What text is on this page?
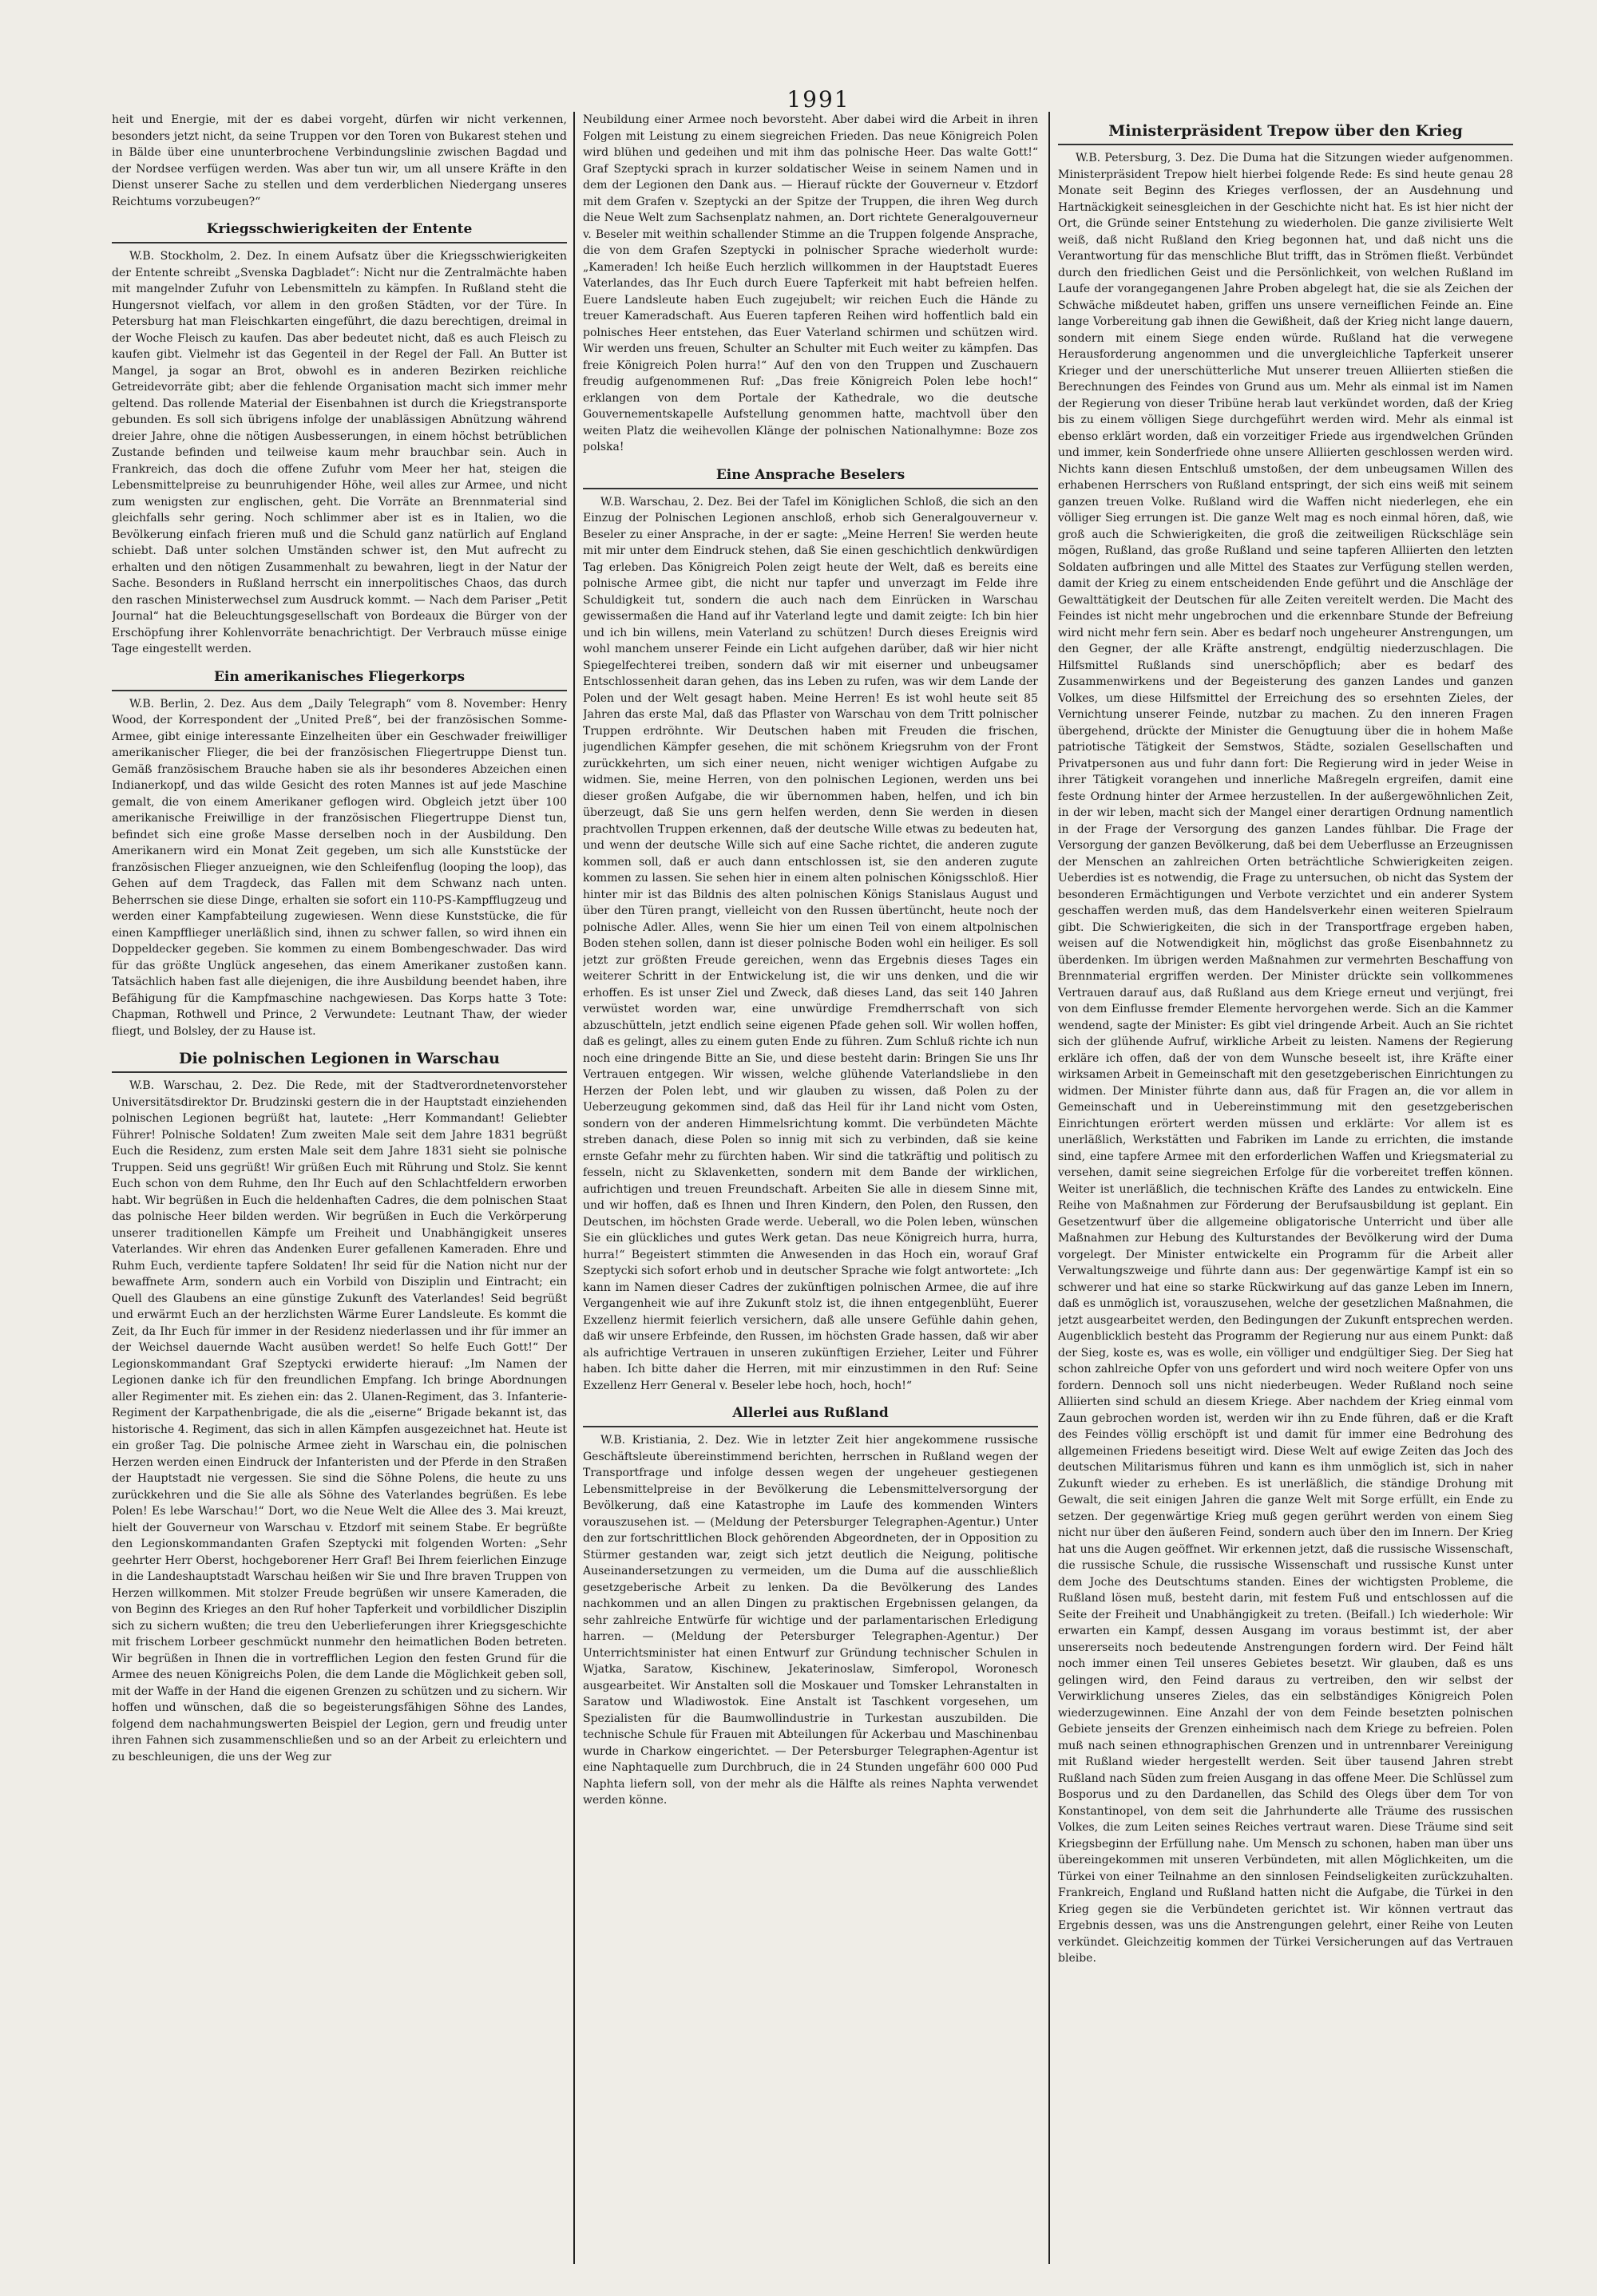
1991

heit und Energie, mit der es dabei vorgeht, dürfen wir nicht verkennen, besonders jetzt nicht, da seine Truppen vor den Toren von Bukarest stehen und in Bälde über eine ununterbrochene Verbindungslinie zwischen Bagdad und der Nordsee verfügen werden. Was aber tun wir, um all unsere Kräfte in den Dienst unserer Sache zu stellen und dem verderblichen Niedergang unseres Reichtums vorzubeugen?“

Kriegsschwierigkeiten der Entente

W.B. Stockholm, 2. Dez. In einem Aufsatz über die Kriegsschwierigkeiten der Entente schreibt „Svenska Dagbladet“: Nicht nur die Zentralmächte haben mit mangelnder Zufuhr von Lebensmitteln zu kämpfen. In Rußland steht die Hungersnot vielfach, vor allem in den großen Städten, vor der Türe. In Petersburg hat man Fleischkarten eingeführt, die dazu berechtigen, dreimal in der Woche Fleisch zu kaufen. Das aber bedeutet nicht, daß es auch Fleisch zu kaufen gibt. Vielmehr ist das Gegenteil in der Regel der Fall. An Butter ist Mangel, ja sogar an Brot, obwohl es in anderen Bezirken reichliche Getreidevorräte gibt; aber die fehlende Organisation macht sich immer mehr geltend. Das rollende Material der Eisenbahnen ist durch die Kriegstransporte gebunden. Es soll sich übrigens infolge der unablässigen Abnützung während dreier Jahre, ohne die nötigen Ausbesserungen, in einem höchst betrüblichen Zustande befinden und teilweise kaum mehr brauchbar sein. Auch in Frankreich, das doch die offene Zufuhr vom Meer her hat, steigen die Lebensmittelpreise zu beunruhigender Höhe, weil alles zur Armee, und nicht zum wenigsten zur englischen, geht. Die Vorräte an Brennmaterial sind gleichfalls sehr gering. Noch schlimmer aber ist es in Italien, wo die Bevölkerung einfach frieren muß und die Schuld ganz natürlich auf England schiebt. Daß unter solchen Umständen schwer ist, den Mut aufrecht zu erhalten und den nötigen Zusammenhalt zu bewahren, liegt in der Natur der Sache. Besonders in Rußland herrscht ein innerpolitisches Chaos, das durch den raschen Ministerwechsel zum Ausdruck kommt. — Nach dem Pariser „Petit Journal“ hat die Beleuchtungsgesellschaft von Bordeaux die Bürger von der Erschöpfung ihrer Kohlenvorräte benachrichtigt. Der Verbrauch müsse einige Tage eingestellt werden.

Ein amerikanisches Fliegerkorps

W.B. Berlin, 2. Dez. Aus dem „Daily Telegraph“ vom 8. November: Henry Wood, der Korrespondent der „United Preß“, bei der französischen Somme-Armee, gibt einige interessante Einzelheiten über ein Geschwader freiwilliger amerikanischer Flieger, die bei der französischen Fliegertruppe Dienst tun. Gemäß französischem Brauche haben sie als ihr besonderes Abzeichen einen Indianerkopf, und das wilde Gesicht des roten Mannes ist auf jede Maschine gemalt, die von einem Amerikaner geflogen wird. Obgleich jetzt über 100 amerikanische Freiwillige in der französischen Fliegertruppe Dienst tun, befindet sich eine große Masse derselben noch in der Ausbildung. Den Amerikanern wird ein Monat Zeit gegeben, um sich alle Kunststücke der französischen Flieger anzueignen, wie den Schleifenflug (looping the loop), das Gehen auf dem Tragdeck, das Fallen mit dem Schwanz nach unten. Beherrschen sie diese Dinge, erhalten sie sofort ein 110-PS-Kampfflugzeug und werden einer Kampfabteilung zugewiesen. Wenn diese Kunststücke, die für einen Kampfflieger unerläßlich sind, ihnen zu schwer fallen, so wird ihnen ein Doppeldecker gegeben. Sie kommen zu einem Bombengeschwader. Das wird für das größte Unglück angesehen, das einem Amerikaner zustoßen kann. Tatsächlich haben fast alle diejenigen, die ihre Ausbildung beendet haben, ihre Befähigung für die Kampfmaschine nachgewiesen. Das Korps hatte 3 Tote: Chapman, Rothwell und Prince, 2 Verwundete: Leutnant Thaw, der wieder fliegt, und Bolsley, der zu Hause ist.

Die polnischen Legionen in Warschau

W.B. Warschau, 2. Dez. Die Rede, mit der Stadtverordnetenvorsteher Universitätsdirektor Dr. Brudzinski gestern die in der Hauptstadt einziehenden polnischen Legionen begrüßt hat, lautete: „Herr Kommandant! Geliebter Führer! Polnische Soldaten! Zum zweiten Male seit dem Jahre 1831 begrüßt Euch die Residenz, zum ersten Male seit dem Jahre 1831 sieht sie polnische Truppen. Seid uns gegrüßt! Wir grüßen Euch mit Rührung und Stolz. Sie kennt Euch schon von dem Ruhme, den Ihr Euch auf den Schlachtfeldern erworben habt. Wir begrüßen in Euch die heldenhaften Cadres, die dem polnischen Staat das polnische Heer bilden werden. Wir begrüßen in Euch die Verkörperung unserer traditionellen Kämpfe um Freiheit und Unabhängigkeit unseres Vaterlandes. Wir ehren das Andenken Eurer gefallenen Kameraden. Ehre und Ruhm Euch, verdiente tapfere Soldaten! Ihr seid für die Nation nicht nur der bewaffnete Arm, sondern auch ein Vorbild von Disziplin und Eintracht; ein Quell des Glaubens an eine günstige Zukunft des Vaterlandes! Seid begrüßt und erwärmt Euch an der herzlichsten Wärme Eurer Landsleute. Es kommt die Zeit, da Ihr Euch für immer in der Residenz niederlassen und ihr für immer an der Weichsel dauernde Wacht ausüben werdet! So helfe Euch Gott!“ Der Legionskommandant Graf Szeptycki erwiderte hierauf: „Im Namen der Legionen danke ich für den freundlichen Empfang. Ich bringe Abordnungen aller Regimenter mit. Es ziehen ein: das 2. Ulanen-Regiment, das 3. Infanterie-Regiment der Karpathenbrigade, die als die „eiserne“ Brigade bekannt ist, das historische 4. Regiment, das sich in allen Kämpfen ausgezeichnet hat. Heute ist ein großer Tag. Die polnische Armee zieht in Warschau ein, die polnischen Herzen werden einen Eindruck der Infanteristen und der Pferde in den Straßen der Hauptstadt nie vergessen. Sie sind die Söhne Polens, die heute zu uns zurückkehren und die Sie alle als Söhne des Vaterlandes begrüßen. Es lebe Polen! Es lebe Warschau!“ Dort, wo die Neue Welt die Allee des 3. Mai kreuzt, hielt der Gouverneur von Warschau v. Etzdorf mit seinem Stabe. Er begrüßte den Legionskommandanten Grafen Szeptycki mit folgenden Worten: „Sehr geehrter Herr Oberst, hochgeborener Herr Graf! Bei Ihrem feierlichen Einzuge in die Landeshauptstadt Warschau heißen wir Sie und Ihre braven Truppen von Herzen willkommen. Mit stolzer Freude begrüßen wir unsere Kameraden, die von Beginn des Krieges an den Ruf hoher Tapferkeit und vorbildlicher Disziplin sich zu sichern wußten; die treu den Ueberlieferungen ihrer Kriegsgeschichte mit frischem Lorbeer geschmückt nunmehr den heimatlichen Boden betreten. Wir begrüßen in Ihnen die in vortrefflichen Legion den festen Grund für die Armee des neuen Königreichs Polen, die dem Lande die Möglichkeit geben soll, mit der Waffe in der Hand die eigenen Grenzen zu schützen und zu sichern. Wir hoffen und wünschen, daß die so begeisterungsfähigen Söhne des Landes, folgend dem nachahmungswerten Beispiel der Legion, gern und freudig unter ihren Fahnen sich zusammenschließen und so an der Arbeit zu erleichtern und zu beschleunigen, die uns der Weg zur

Neubildung einer Armee noch bevorsteht. Aber dabei wird die Arbeit in ihren Folgen mit Leistung zu einem siegreichen Frieden. Das neue Königreich Polen wird blühen und gedeihen und mit ihm das polnische Heer. Das walte Gott!“ Graf Szeptycki sprach in kurzer soldatischer Weise in seinem Namen und in dem der Legionen den Dank aus. — Hierauf rückte der Gouverneur v. Etzdorf mit dem Grafen v. Szeptycki an der Spitze der Truppen, die ihren Weg durch die Neue Welt zum Sachsenplatz nahmen, an. Dort richtete Generalgouverneur v. Beseler mit weithin schallender Stimme an die Truppen folgende Ansprache, die von dem Grafen Szeptycki in polnischer Sprache wiederholt wurde: „Kameraden! Ich heiße Euch herzlich willkommen in der Hauptstadt Eueres Vaterlandes, das Ihr Euch durch Euere Tapferkeit mit habt befreien helfen. Euere Landsleute haben Euch zugejubelt; wir reichen Euch die Hände zu treuer Kameradschaft. Aus Eueren tapferen Reihen wird hoffentlich bald ein polnisches Heer entstehen, das Euer Vaterland schirmen und schützen wird. Wir werden uns freuen, Schulter an Schulter mit Euch weiter zu kämpfen. Das freie Königreich Polen hurra!“ Auf den von den Truppen und Zuschauern freudig aufgenommenen Ruf: „Das freie Königreich Polen lebe hoch!“ erklangen von dem Portale der Kathedrale, wo die deutsche Gouvernementskapelle Aufstellung genommen hatte, machtvoll über den weiten Platz die weihevollen Klänge der polnischen Nationalhymne: Boze zos polska!

Eine Ansprache Beselers

W.B. Warschau, 2. Dez. Bei der Tafel im Königlichen Schloß, die sich an den Einzug der Polnischen Legionen anschloß, erhob sich Generalgouverneur v. Beseler zu einer Ansprache, in der er sagte: „Meine Herren! Sie werden heute mit mir unter dem Eindruck stehen, daß Sie einen geschichtlich denkwürdigen Tag erleben. Das Königreich Polen zeigt heute der Welt, daß es bereits eine polnische Armee gibt, die nicht nur tapfer und unverzagt im Felde ihre Schuldigkeit tut, sondern die auch nach dem Einrücken in Warschau gewissermaßen die Hand auf ihr Vaterland legte und damit zeigte: Ich bin hier und ich bin willens, mein Vaterland zu schützen! Durch dieses Ereignis wird wohl manchem unserer Feinde ein Licht aufgehen darüber, daß wir hier nicht Spiegelfechterei treiben, sondern daß wir mit eiserner und unbeugsamer Entschlossenheit daran gehen, das ins Leben zu rufen, was wir dem Lande der Polen und der Welt gesagt haben. Meine Herren! Es ist wohl heute seit 85 Jahren das erste Mal, daß das Pflaster von Warschau von dem Tritt polnischer Truppen erdröhnte. Wir Deutschen haben mit Freuden die frischen, jugendlichen Kämpfer gesehen, die mit schönem Kriegsruhm von der Front zurückkehrten, um sich einer neuen, nicht weniger wichtigen Aufgabe zu widmen. Sie, meine Herren, von den polnischen Legionen, werden uns bei dieser großen Aufgabe, die wir übernommen haben, helfen, und ich bin überzeugt, daß Sie uns gern helfen werden, denn Sie werden in diesen prachtvollen Truppen erkennen, daß der deutsche Wille etwas zu bedeuten hat, und wenn der deutsche Wille sich auf eine Sache richtet, die anderen zugute kommen soll, daß er auch dann entschlossen ist, sie den anderen zugute kommen zu lassen. Sie sehen hier in einem alten polnischen Königsschloß. Hier hinter mir ist das Bildnis des alten polnischen Königs Stanislaus August und über den Türen prangt, vielleicht von den Russen übertüncht, heute noch der polnische Adler. Alles, wenn Sie hier um einen Teil von einem altpolnischen Boden stehen sollen, dann ist dieser polnische Boden wohl ein heiliger. Es soll jetzt zur größten Freude gereichen, wenn das Ergebnis dieses Tages ein weiterer Schritt in der Entwickelung ist, die wir uns denken, und die wir erhoffen. Es ist unser Ziel und Zweck, daß dieses Land, das seit 140 Jahren verwüstet worden war, eine unwürdige Fremdherrschaft von sich abzuschütteln, jetzt endlich seine eigenen Pfade gehen soll. Wir wollen hoffen, daß es gelingt, alles zu einem guten Ende zu führen. Zum Schluß richte ich nun noch eine dringende Bitte an Sie, und diese besteht darin: Bringen Sie uns Ihr Vertrauen entgegen. Wir wissen, welche glühende Vaterlandsliebe in den Herzen der Polen lebt, und wir glauben zu wissen, daß Polen zu der Ueberzeugung gekommen sind, daß das Heil für ihr Land nicht vom Osten, sondern von der anderen Himmelsrichtung kommt. Die verbündeten Mächte streben danach, diese Polen so innig mit sich zu verbinden, daß sie keine ernste Gefahr mehr zu fürchten haben. Wir sind die tatkräftig und politisch zu fesseln, nicht zu Sklavenketten, sondern mit dem Bande der wirklichen, aufrichtigen und treuen Freundschaft. Arbeiten Sie alle in diesem Sinne mit, und wir hoffen, daß es Ihnen und Ihren Kindern, den Polen, den Russen, den Deutschen, im höchsten Grade werde. Ueberall, wo die Polen leben, wünschen Sie ein glückliches und gutes Werk getan. Das neue Königreich hurra, hurra, hurra!“ Begeistert stimmten die Anwesenden in das Hoch ein, worauf Graf Szeptycki sich sofort erhob und in deutscher Sprache wie folgt antwortete: „Ich kann im Namen dieser Cadres der zukünftigen polnischen Armee, die auf ihre Vergangenheit wie auf ihre Zukunft stolz ist, die ihnen entgegenblüht, Euerer Exzellenz hiermit feierlich versichern, daß alle unsere Gefühle dahin gehen, daß wir unsere Erbfeinde, den Russen, im höchsten Grade hassen, daß wir aber als aufrichtige Vertrauen in unseren zukünftigen Erzieher, Leiter und Führer haben. Ich bitte daher die Herren, mit mir einzustimmen in den Ruf: Seine Exzellenz Herr General v. Beseler lebe hoch, hoch, hoch!“

Allerlei aus Rußland

W.B. Kristiania, 2. Dez. Wie in letzter Zeit hier angekommene russische Geschäftsleute übereinstimmend berichten, herrschen in Rußland wegen der Transportfrage und infolge dessen wegen der ungeheuer gestiegenen Lebensmittelpreise in der Bevölkerung die Lebensmittelversorgung der Bevölkerung, daß eine Katastrophe im Laufe des kommenden Winters vorauszusehen ist. — (Meldung der Petersburger Telegraphen-Agentur.) Unter den zur fortschrittlichen Block gehörenden Abgeordneten, der in Opposition zu Stürmer gestanden war, zeigt sich jetzt deutlich die Neigung, politische Auseinandersetzungen zu vermeiden, um die Duma auf die ausschließlich gesetzgeberische Arbeit zu lenken. Da die Bevölkerung des Landes nachkommen und an allen Dingen zu praktischen Ergebnissen gelangen, da sehr zahlreiche Entwürfe für wichtige und der parlamentarischen Erledigung harren. — (Meldung der Petersburger Telegraphen-Agentur.) Der Unterrichtsminister hat einen Entwurf zur Gründung technischer Schulen in Wjatka, Saratow, Kischinew, Jekaterinoslaw, Simferopol, Woronesch ausgearbeitet. Wir Anstalten soll die Moskauer und Tomsker Lehranstalten in Saratow und Wladiwostok. Eine Anstalt ist Taschkent vorgesehen, um Spezialisten für die Baumwollindustrie in Turkestan auszubilden. Die technische Schule für Frauen mit Abteilungen für Ackerbau und Maschinenbau wurde in Charkow eingerichtet. — Der Petersburger Telegraphen-Agentur ist eine Naphtaquelle zum Durchbruch, die in 24 Stunden ungefähr 600 000 Pud Naphta liefern soll, von der mehr als die Hälfte als reines Naphta verwendet werden könne.

Ministerpräsident Trepow über den Krieg

W.B. Petersburg, 3. Dez. Die Duma hat die Sitzungen wieder aufgenommen. Ministerpräsident Trepow hielt hierbei folgende Rede: Es sind heute genau 28 Monate seit Beginn des Krieges verflossen, der an Ausdehnung und Hartnäckigkeit seinesgleichen in der Geschichte nicht hat. Es ist hier nicht der Ort, die Gründe seiner Entstehung zu wiederholen. Die ganze zivilisierte Welt weiß, daß nicht Rußland den Krieg begonnen hat, und daß nicht uns die Verantwortung für das menschliche Blut trifft, das in Strömen fließt. Verbündet durch den friedlichen Geist und die Persönlichkeit, von welchen Rußland im Laufe der vorangegangenen Jahre Proben abgelegt hat, die sie als Zeichen der Schwäche mißdeutet haben, griffen uns unsere verneiflichen Feinde an. Eine lange Vorbereitung gab ihnen die Gewißheit, daß der Krieg nicht lange dauern, sondern mit einem Siege enden würde. Rußland hat die verwegene Herausforderung angenommen und die unvergleichliche Tapferkeit unserer Krieger und der unerschütterliche Mut unserer treuen Alliierten stießen die Berechnungen des Feindes von Grund aus um. Mehr als einmal ist im Namen der Regierung von dieser Tribüne herab laut verkündet worden, daß der Krieg bis zu einem völligen Siege durchgeführt werden wird. Mehr als einmal ist ebenso erklärt worden, daß ein vorzeitiger Friede aus irgendwelchen Gründen und immer, kein Sonderfriede ohne unsere Alliierten geschlossen werden wird. Nichts kann diesen Entschluß umstoßen, der dem unbeugsamen Willen des erhabenen Herrschers von Rußland entspringt, der sich eins weiß mit seinem ganzen treuen Volke. Rußland wird die Waffen nicht niederlegen, ehe ein völliger Sieg errungen ist. Die ganze Welt mag es noch einmal hören, daß, wie groß auch die Schwierigkeiten, die groß die zeitweiligen Rückschläge sein mögen, Rußland, das große Rußland und seine tapferen Alliierten den letzten Soldaten aufbringen und alle Mittel des Staates zur Verfügung stellen werden, damit der Krieg zu einem entscheidenden Ende geführt und die Anschläge der Gewalttätigkeit der Deutschen für alle Zeiten vereitelt werden. Die Macht des Feindes ist nicht mehr ungebrochen und die erkennbare Stunde der Befreiung wird nicht mehr fern sein. Aber es bedarf noch ungeheurer Anstrengungen, um den Gegner, der alle Kräfte anstrengt, endgültig niederzuschlagen. Die Hilfsmittel Rußlands sind unerschöpflich; aber es bedarf des Zusammenwirkens und der Begeisterung des ganzen Landes und ganzen Volkes, um diese Hilfsmittel der Erreichung des so ersehnten Zieles, der Vernichtung unserer Feinde, nutzbar zu machen. Zu den inneren Fragen übergehend, drückte der Minister die Genugtuung über die in hohem Maße patriotische Tätigkeit der Semstwos, Städte, sozialen Gesellschaften und Privatpersonen aus und fuhr dann fort: Die Regierung wird in jeder Weise in ihrer Tätigkeit vorangehen und innerliche Maßregeln ergreifen, damit eine feste Ordnung hinter der Armee herzustellen. In der außergewöhnlichen Zeit, in der wir leben, macht sich der Mangel einer derartigen Ordnung namentlich in der Frage der Versorgung des ganzen Landes fühlbar. Die Frage der Versorgung der ganzen Bevölkerung, daß bei dem Ueberflusse an Erzeugnissen der Menschen an zahlreichen Orten beträchtliche Schwierigkeiten zeigen. Ueberdies ist es notwendig, die Frage zu untersuchen, ob nicht das System der besonderen Ermächtigungen und Verbote verzichtet und ein anderer System geschaffen werden muß, das dem Handelsverkehr einen weiteren Spielraum gibt. Die Schwierigkeiten, die sich in der Transportfrage ergeben haben, weisen auf die Notwendigkeit hin, möglichst das große Eisenbahnnetz zu überdenken. Im übrigen werden Maßnahmen zur vermehrten Beschaffung von Brennmaterial ergriffen werden. Der Minister drückte sein vollkommenes Vertrauen darauf aus, daß Rußland aus dem Kriege erneut und verjüngt, frei von dem Einflusse fremder Elemente hervorgehen werde. Sich an die Kammer wendend, sagte der Minister: Es gibt viel dringende Arbeit. Auch an Sie richtet sich der glühende Aufruf, wirkliche Arbeit zu leisten. Namens der Regierung erkläre ich offen, daß der von dem Wunsche beseelt ist, ihre Kräfte einer wirksamen Arbeit in Gemeinschaft mit den gesetzgeberischen Einrichtungen zu widmen. Der Minister führte dann aus, daß für Fragen an, die vor allem in Gemeinschaft und in Uebereinstimmung mit den gesetzgeberischen Einrichtungen erörtert werden müssen und erklärte: Vor allem ist es unerläßlich, Werkstätten und Fabriken im Lande zu errichten, die imstande sind, eine tapfere Armee mit den erforderlichen Waffen und Kriegsmaterial zu versehen, damit seine siegreichen Erfolge für die vorbereitet treffen können. Weiter ist unerläßlich, die technischen Kräfte des Landes zu entwickeln. Eine Reihe von Maßnahmen zur Förderung der Berufsausbildung ist geplant. Ein Gesetzentwurf über die allgemeine obligatorische Unterricht und über alle Maßnahmen zur Hebung des Kulturstandes der Bevölkerung wird der Duma vorgelegt. Der Minister entwickelte ein Programm für die Arbeit aller Verwaltungszweige und führte dann aus: Der gegenwärtige Kampf ist ein so schwerer und hat eine so starke Rückwirkung auf das ganze Leben im Innern, daß es unmöglich ist, vorauszusehen, welche der gesetzlichen Maßnahmen, die jetzt ausgearbeitet werden, den Bedingungen der Zukunft entsprechen werden. Augenblicklich besteht das Programm der Regierung nur aus einem Punkt: daß der Sieg, koste es, was es wolle, ein völliger und endgültiger Sieg. Der Sieg hat schon zahlreiche Opfer von uns gefordert und wird noch weitere Opfer von uns fordern. Dennoch soll uns nicht niederbeugen. Weder Rußland noch seine Alliierten sind schuld an diesem Kriege. Aber nachdem der Krieg einmal vom Zaun gebrochen worden ist, werden wir ihn zu Ende führen, daß er die Kraft des Feindes völlig erschöpft ist und damit für immer eine Bedrohung des allgemeinen Friedens beseitigt wird. Diese Welt auf ewige Zeiten das Joch des deutschen Militarismus führen und kann es ihm unmöglich ist, sich in naher Zukunft wieder zu erheben. Es ist unerläßlich, die ständige Drohung mit Gewalt, die seit einigen Jahren die ganze Welt mit Sorge erfüllt, ein Ende zu setzen. Der gegenwärtige Krieg muß gegen gerührt werden von einem Sieg nicht nur über den äußeren Feind, sondern auch über den im Innern. Der Krieg hat uns die Augen geöffnet. Wir erkennen jetzt, daß die russische Wissenschaft, die russische Schule, die russische Wissenschaft und russische Kunst unter dem Joche des Deutschtums standen. Eines der wichtigsten Probleme, die Rußland lösen muß, besteht darin, mit festem Fuß und entschlossen auf die Seite der Freiheit und Unabhängigkeit zu treten. (Beifall.) Ich wiederhole: Wir erwarten ein Kampf, dessen Ausgang im voraus bestimmt ist, der aber unsererseits noch bedeutende Anstrengungen fordern wird. Der Feind hält noch immer einen Teil unseres Gebietes besetzt. Wir glauben, daß es uns gelingen wird, den Feind daraus zu vertreiben, den wir selbst der Verwirklichung unseres Zieles, das ein selbständiges Königreich Polen wiederzugewinnen. Eine Anzahl der von dem Feinde besetzten polnischen Gebiete jenseits der Grenzen einheimisch nach dem Kriege zu befreien. Polen muß nach seinen ethnographischen Grenzen und in untrennbarer Vereinigung mit Rußland wieder hergestellt werden. Seit über tausend Jahren strebt Rußland nach Süden zum freien Ausgang in das offene Meer. Die Schlüssel zum Bosporus und zu den Dardanellen, das Schild des Olegs über dem Tor von Konstantinopel, von dem seit die Jahrhunderte alle Träume des russischen Volkes, die zum Leiten seines Reiches vertraut waren. Diese Träume sind seit Kriegsbeginn der Erfüllung nahe. Um Mensch zu schonen, haben man über uns übereingekommen mit unseren Verbündeten, mit allen Möglichkeiten, um die Türkei von einer Teilnahme an den sinnlosen Feindseligkeiten zurückzuhalten. Frankreich, England und Rußland hatten nicht die Aufgabe, die Türkei in den Krieg gegen sie die Verbündeten gerichtet ist. Wir können vertraut das Ergebnis dessen, was uns die Anstrengungen gelehrt, einer Reihe von Leuten verkündet. Gleichzeitig kommen der Türkei Versicherungen auf das Vertrauen bleibe.
